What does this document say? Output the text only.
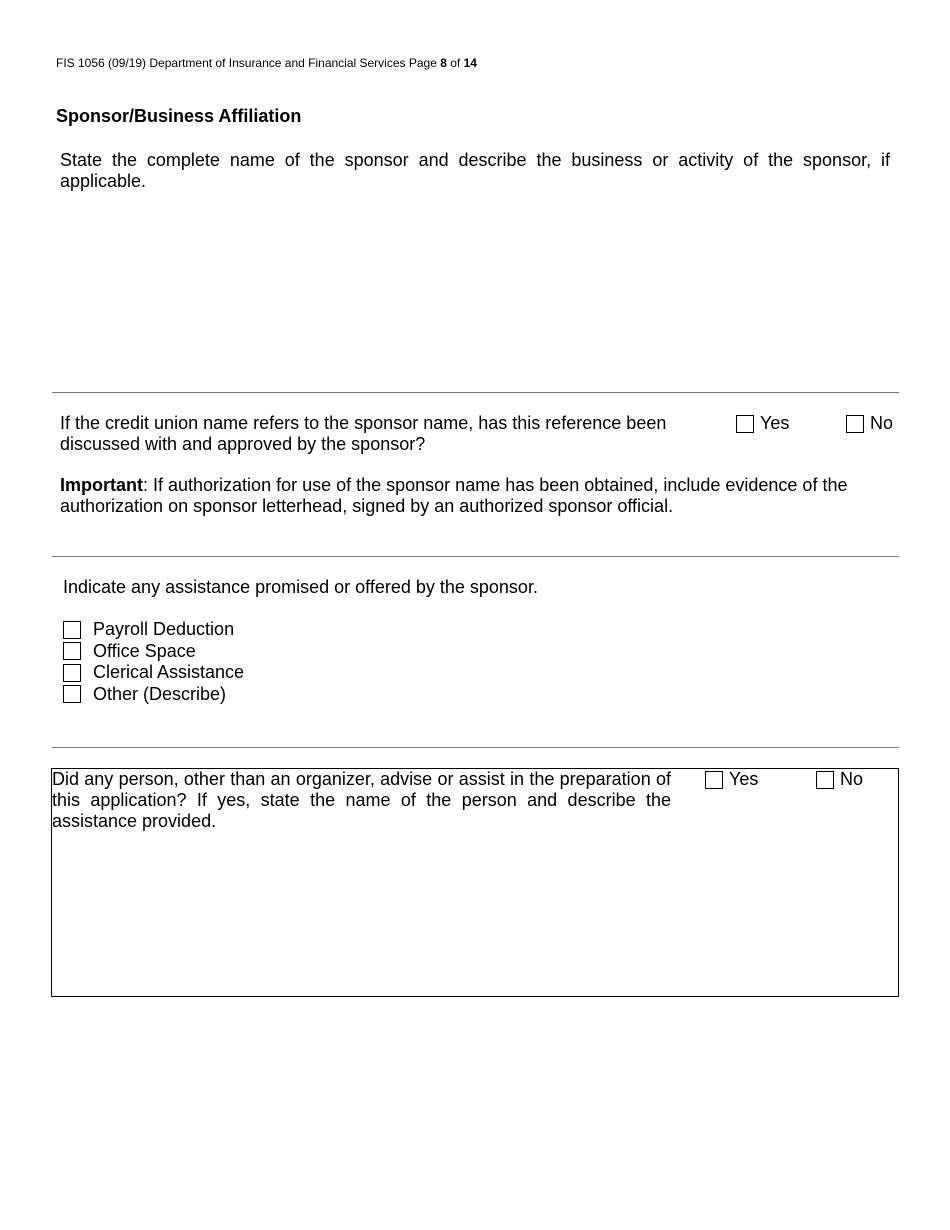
FIS 1056 (09/19) Department of Insurance and Financial Services Page 8 of 14
Sponsor/Business Affiliation
State the complete name of the sponsor and describe the business or activity of the sponsor, if applicable.
If the credit union name refers to the sponsor name, has this reference been discussed with and approved by the sponsor?
Yes	No
Important: If authorization for use of the sponsor name has been obtained, include evidence of the authorization on sponsor letterhead, signed by an authorized sponsor official.
Indicate any assistance promised or offered by the sponsor.
Payroll Deduction
Office Space
Clerical Assistance
Other (Describe)
Did any person, other than an organizer, advise or assist in the preparation of this application? If yes, state the name of the person and describe the assistance provided.
Yes	No
